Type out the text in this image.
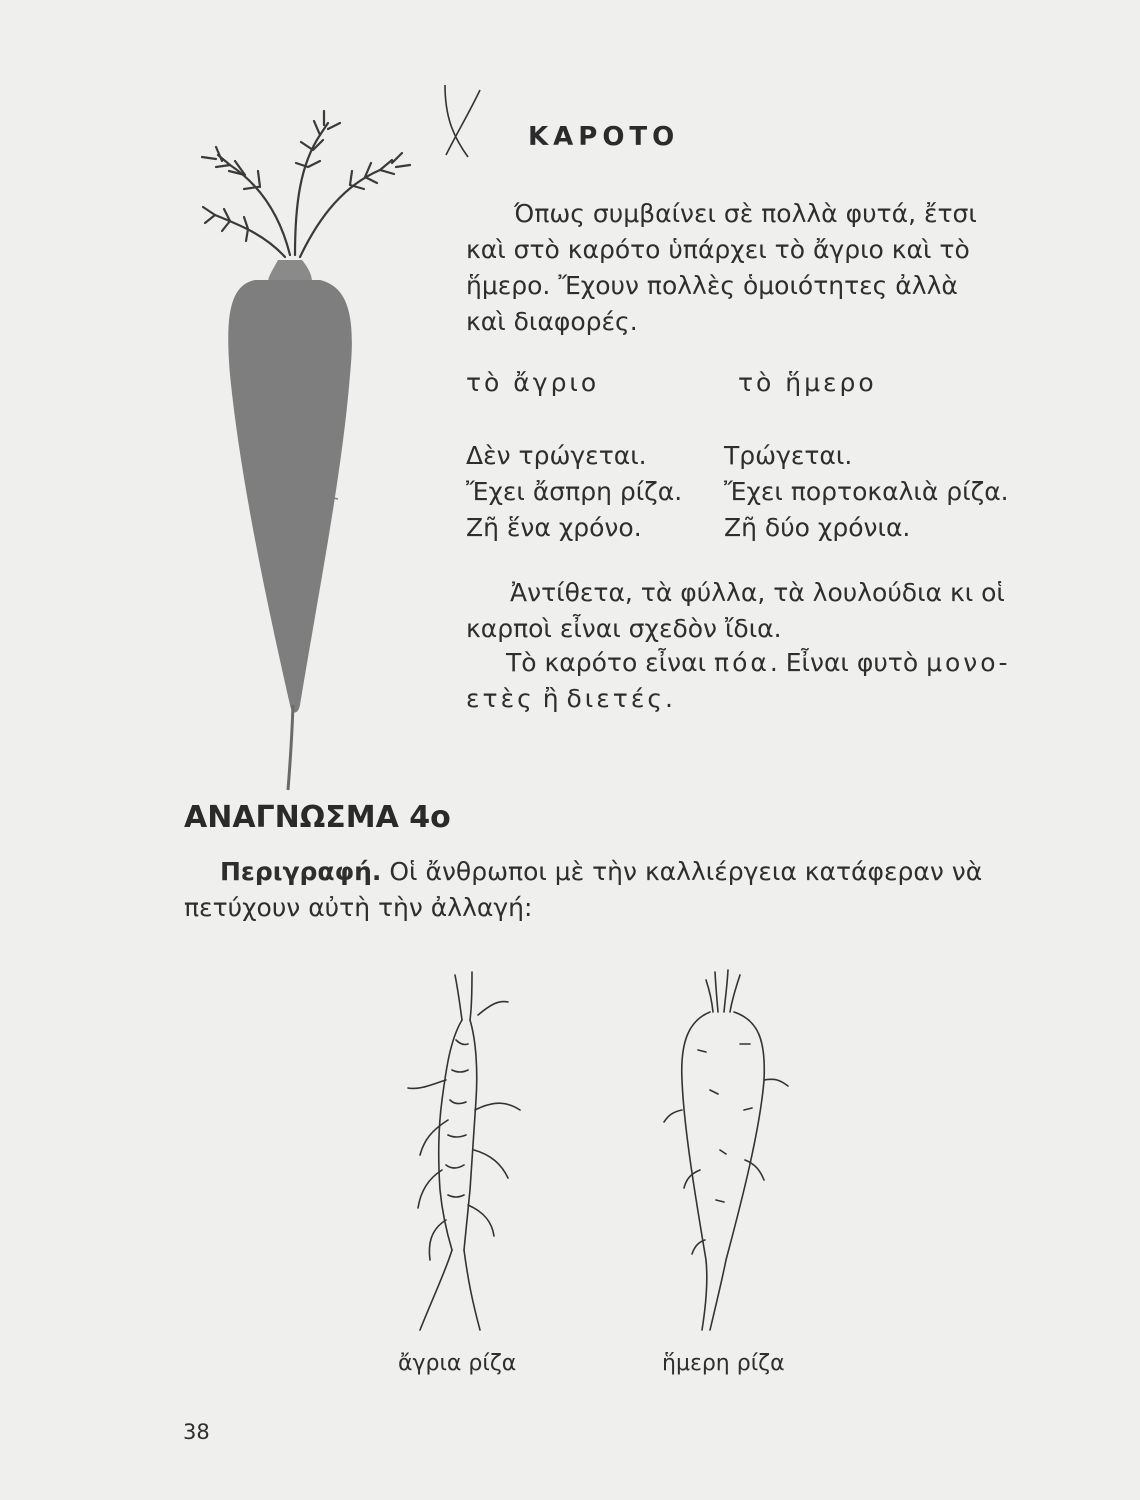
ΚΑΡΟΤΟ

Όπως συμβαίνει σὲ πολλὰ φυτά, ἔτσι
καὶ στὸ καρότο ὑπάρχει τὸ ἄγριο καὶ τὸ
ἥμερο. Ἔχουν πολλὲς ὁμοιότητες ἀλλὰ
καὶ διαφορές.

τὸ ἄγριο	τὸ ἥμερο
Δὲν τρώγεται.
Ἔχει ἄσπρη ρίζα.
Ζῆ ἕνα χρόνο.
Τρώγεται.
Ἔχει πορτοκαλιὰ ρίζα.
Ζῆ δύο χρόνια.
Ἀντίθετα, τὰ φύλλα, τὰ λουλούδια κι οἱ
καρποὶ εἶναι σχεδὸν ἴδια.
Τὸ καρότο εἶναι πόα. Εἶναι φυτὸ μονο-
ετὲς ἢ διετές.
ΑΝΑΓΝΩΣΜΑ 4ο
Περιγραφή. Οἱ ἄνθρωποι μὲ τὴν καλλιέργεια κατάφεραν νὰ
πετύχουν αὐτὴ τὴν ἀλλαγή:
ἄγρια ρίζα	ἥμερη ρίζα
38
